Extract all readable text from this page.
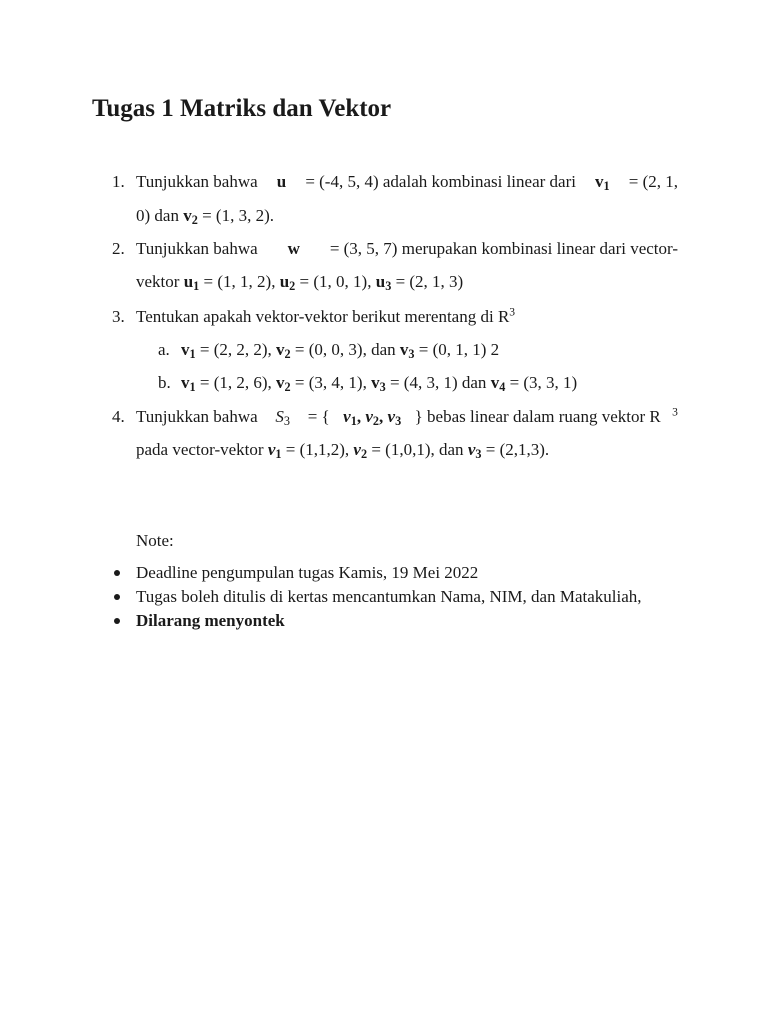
Tugas 1 Matriks dan Vektor
1. Tunjukkan bahwa u = (-4, 5, 4) adalah kombinasi linear dari $v_1 = (2$, 1,
0) dan $v_2 = (1$, 3, 2).
2. Tunjukkan bahwa w = (3, 5, 7) merupakan kombinasi linear dari vector-
vektor $u_1 = (1$, 1, 2), $u_2 = (1$, 0, 1), $u_3 = (2$, 1, 3)
3. Tentukan apakah vektor-vektor berikut merentang di $R^3$
a. $v_1 = (2$, 2, 2), $v_2 = (0$, 0, 3), dan $v_3 = (0$, 1, 1) 2
b. $v_1 = (1$, 2, 6), $v_2 = (3$, 4, 1), $v_3 = (4$, 3, 1) dan $v_4 = (3$, 3, 1)
4. Tunjukkan bahwa $S_3$ = { $v_1$, $v_2$, $v_3$ } bebas linear dalam ruang vektor R $^3$
pada vector-vektor $v_1 = (1,1,2)$, $v_2 = (1,0,1)$, dan $v_3 = (2,1,3)$.
Note:
Deadline pengumpulan tugas Kamis, 19 Mei 2022
Tugas boleh ditulis di kertas mencantumkan Nama, NIM, dan Matakuliah,
Dilarang menyontek
